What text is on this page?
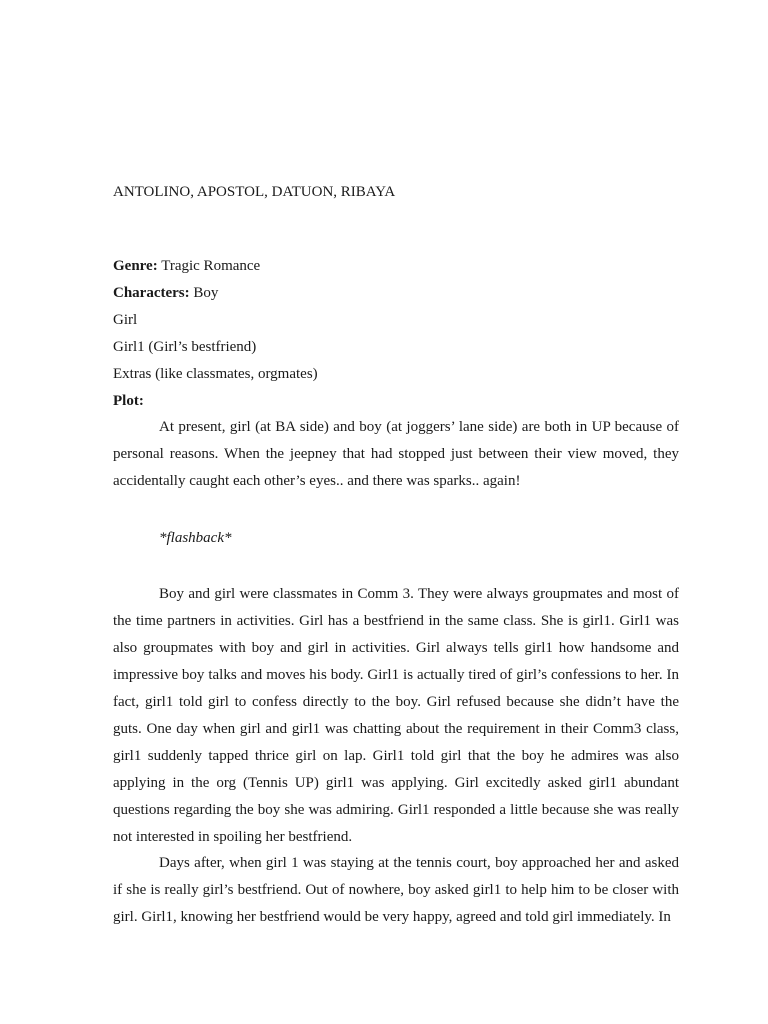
ANTOLINO, APOSTOL, DATUON, RIBAYA
Genre: Tragic Romance
Characters: Boy
Girl
Girl1 (Girl’s bestfriend)
Extras (like classmates, orgmates)
Plot:

At present, girl (at BA side) and boy (at joggers’ lane side) are both in UP because of personal reasons. When the jeepney that had stopped just between their view moved, they accidentally caught each other’s eyes.. and there was sparks.. again!

*flashback*

Boy and girl were classmates in Comm 3. They were always groupmates and most of the time partners in activities. Girl has a bestfriend in the same class. She is girl1. Girl1 was also groupmates with boy and girl in activities. Girl always tells girl1 how handsome and impressive boy talks and moves his body. Girl1 is actually tired of girl’s confessions to her. In fact, girl1 told girl to confess directly to the boy. Girl refused because she didn’t have the guts. One day when girl and girl1 was chatting about the requirement in their Comm3 class, girl1 suddenly tapped thrice girl on lap. Girl1 told girl that the boy he admires was also applying in the org (Tennis UP) girl1 was applying. Girl excitedly asked girl1 abundant questions regarding the boy she was admiring. Girl1 responded a little because she was really not interested in spoiling her bestfriend.

Days after, when girl 1 was staying at the tennis court, boy approached her and asked if she is really girl’s bestfriend. Out of nowhere, boy asked girl1 to help him to be closer with girl. Girl1, knowing her bestfriend would be very happy, agreed and told girl immediately. In
